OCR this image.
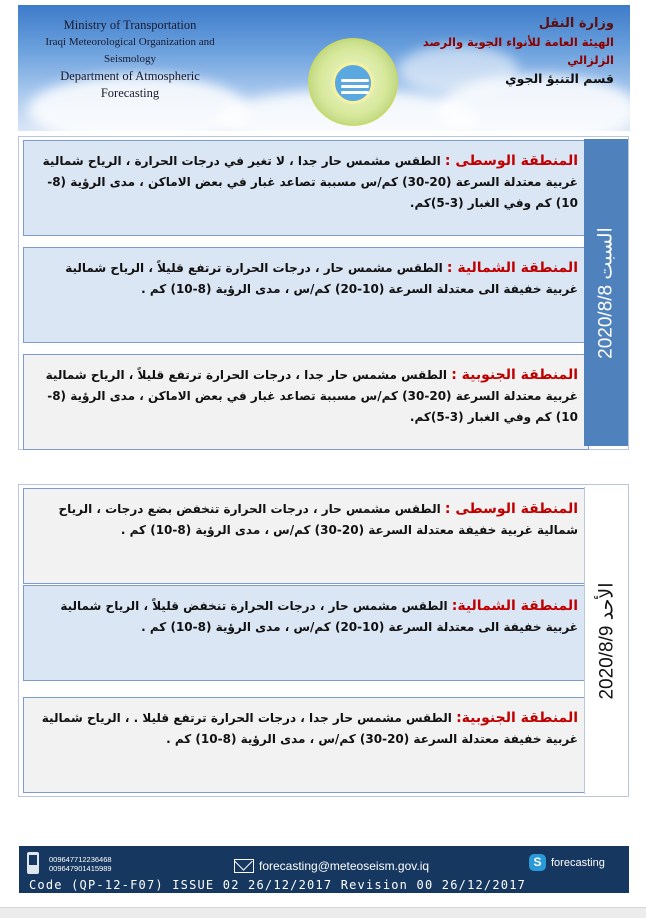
Ministry of Transportation
Iraqi Meteorological Organization and Seismology
Department of Atmospheric Forecasting
وزارة النقل
الهيئة العامة للأنواء الجوية والرصد الزلزالي
قسم التنبؤ الجوي
المنطقة الوسطى : الطقس مشمس حار جدا ، لا تغير في درجات الحرارة ، الرياح شمالية غربية معتدلة السرعة (20-30) كم/س مسببة تصاعد غبار في بعض الاماكن ، مدى الرؤية (8-10) كم وفي الغبار (3-5)كم.
المنطقة الشمالية : الطقس مشمس حار ، درجات الحرارة ترتفع قليلاً ، الرياح شمالية غربية خفيفة الى معتدلة السرعة (10-20) كم/س ، مدى الرؤية (8-10) كم .
المنطقة الجنوبية : الطقس مشمس حار جدا ، درجات الحرارة ترتفع قليلاً ، الرياح شمالية غربية معتدلة السرعة (20-30) كم/س مسببة تصاعد غبار في بعض الاماكن ، مدى الرؤية (8-10) كم وفي الغبار (3-5)كم.
2020/8/8 السبت
المنطقة الوسطى : الطقس مشمس حار ، درجات الحرارة تنخفض بضع درجات ، الرياح شمالية غربية خفيفة معتدلة السرعة (20-30) كم/س ، مدى الرؤية (8-10) كم .
المنطقة الشمالية: الطقس مشمس حار ، درجات الحرارة تنخفض قليلاً ، الرياح شمالية غربية خفيفة الى معتدلة السرعة (10-20) كم/س ، مدى الرؤية (8-10) كم .
المنطقة الجنوبية: الطقس مشمس حار جدا ، درجات الحرارة ترتفع قليلا . ، الرياح شمالية غربية خفيفة معتدلة السرعة (20-30) كم/س ، مدى الرؤية (8-10) كم .
2020/8/9 الأحد
009647712236468
009647901415989	forecasting@meteoseism.gov.iq	S forecasting
Code (QP-12-F07) ISSUE 02 26/12/2017 Revision 00 26/12/2017
